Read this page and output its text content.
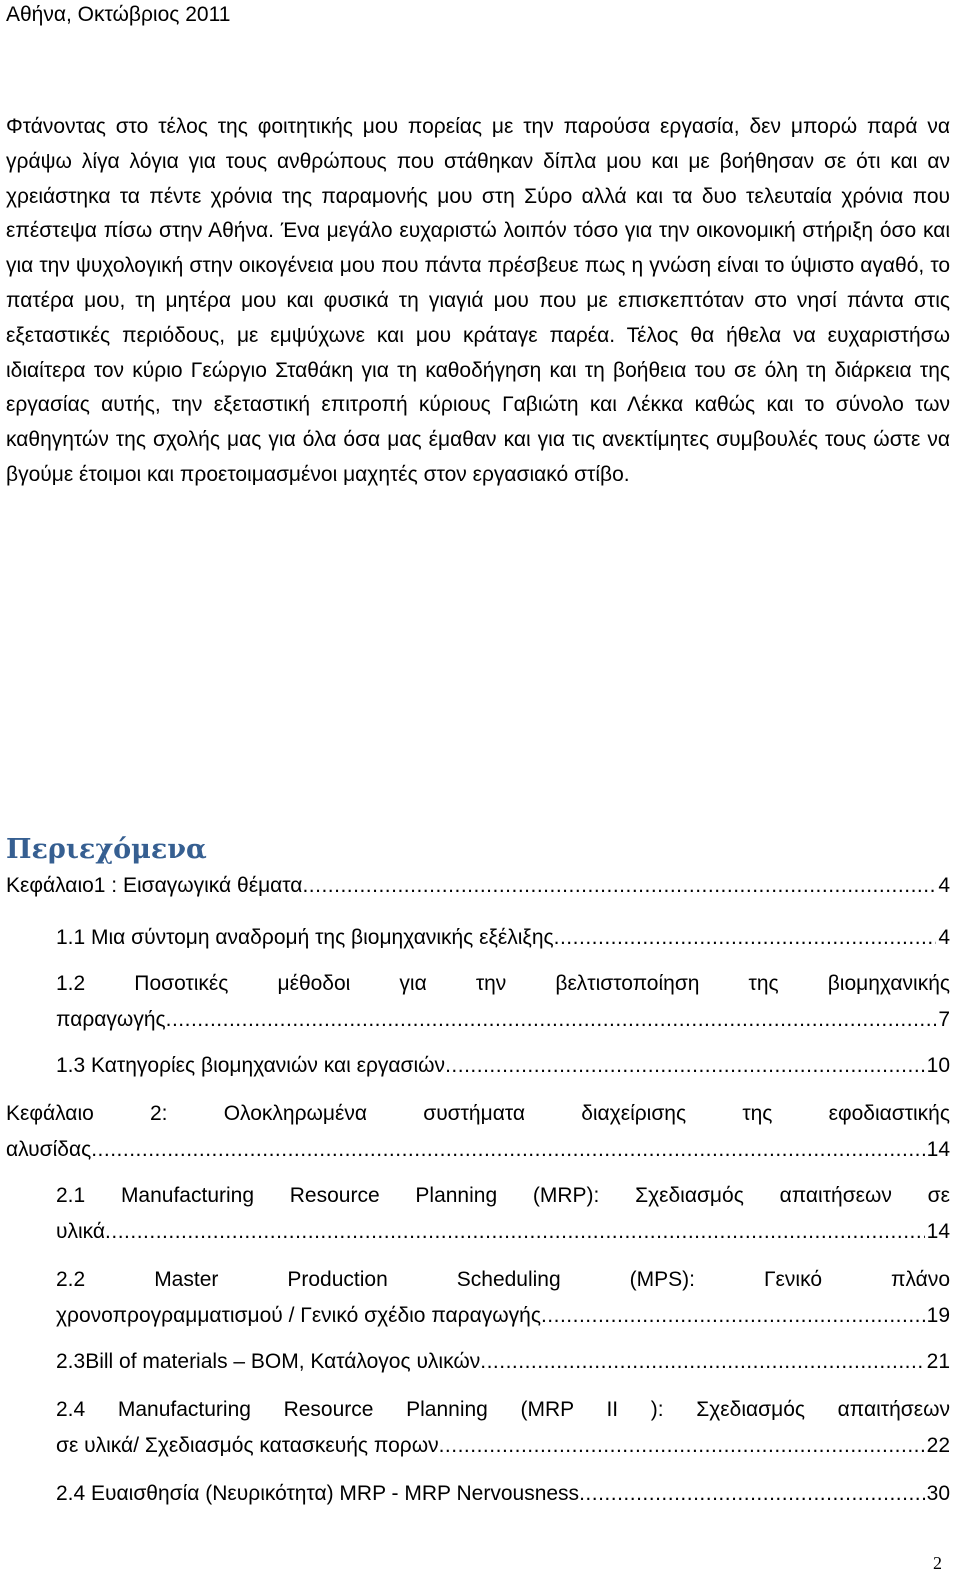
Αθήνα, Οκτώβριος 2011

Φτάνοντας στο τέλος της φοιτητικής μου πορείας με την παρούσα εργασία, δεν μπορώ παρά να γράψω λίγα λόγια για τους ανθρώπους που στάθηκαν δίπλα μου και με βοήθησαν σε ότι και αν χρειάστηκα τα πέντε χρόνια της παραμονής μου στη Σύρο αλλά και τα δυο τελευταία χρόνια που επέστεψα πίσω στην Αθήνα. Ένα μεγάλο ευχαριστώ λοιπόν τόσο για την οικονομική στήριξη όσο και για την ψυχολογική στην οικογένεια μου που πάντα πρέσβευε πως η γνώση είναι το ύψιστο αγαθό, το πατέρα μου, τη μητέρα μου και φυσικά τη γιαγιά μου που με επισκεπτόταν στο νησί πάντα στις εξεταστικές περιόδους, με εμψύχωνε και μου κράταγε παρέα. Τέλος θα ήθελα να ευχαριστήσω ιδιαίτερα τον κύριο Γεώργιο Σταθάκη για τη καθοδήγηση και τη βοήθεια του σε όλη τη διάρκεια της εργασίας αυτής, την εξεταστική επιτροπή κύριους Γαβιώτη και Λέκκα καθώς και το σύνολο των καθηγητών της σχολής μας για όλα όσα μας έμαθαν και για τις ανεκτίμητες συμβουλές τους ώστε να βγούμε έτοιμοι και προετοιμασμένοι μαχητές στον εργασιακό στίβο.

Περιεχόμενα
Κεφάλαιο1 : Εισαγωγικά θέματα .....	4
1.1 Μια σύντομη αναδρομή της βιομηχανικής εξέλιξης .....	4
1.2 Ποσοτικές μέθοδοι για την βελτιστοποίηση της βιομηχανικής
παραγωγής .....	7
1.3 Κατηγορίες βιομηχανιών και εργασιών .....	10
Κεφάλαιο 2: Ολοκληρωμένα συστήματα διαχείρισης της εφοδιαστικής
αλυσίδας .....	14
2.1 Manufacturing Resource Planning (MRP): Σχεδιασμός απαιτήσεων σε
υλικά .....	14
2.2 Master Production Scheduling (MPS): Γενικό πλάνο
χρονοπρογραμματισμού / Γενικό σχέδιο παραγωγής .....	19
2.3Bill of materials – BOM, Κατάλογος υλικών .....	21
2.4 Manufacturing Resource Planning (MRP II ): Σχεδιασμός απαιτήσεων
σε υλικά/ Σχεδιασμός κατασκευής πορων .....	22
2.4 Ευαισθησία (Νευρικότητα) MRP - MRP Nervousness .....	30
2
